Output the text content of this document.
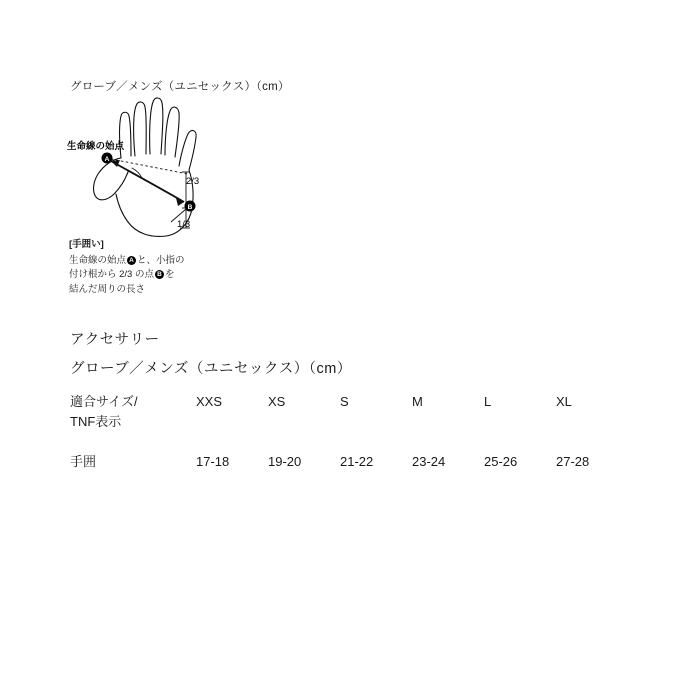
グローブ／メンズ（ユニセックス）（cm）
A
B
生命線の始点
2/3
1/3
[手囲い]
生命線の始点 A と、小指の
付け根から 2/3 の点 B を
結んだ周りの長さ
アクセサリー
グローブ／メンズ（ユニセックス）（cm）
適合サイズ/
TNF表示	XXS	XS	S	M	L	XL
手囲	17-18	19-20	21-22	23-24	25-26	27-28
